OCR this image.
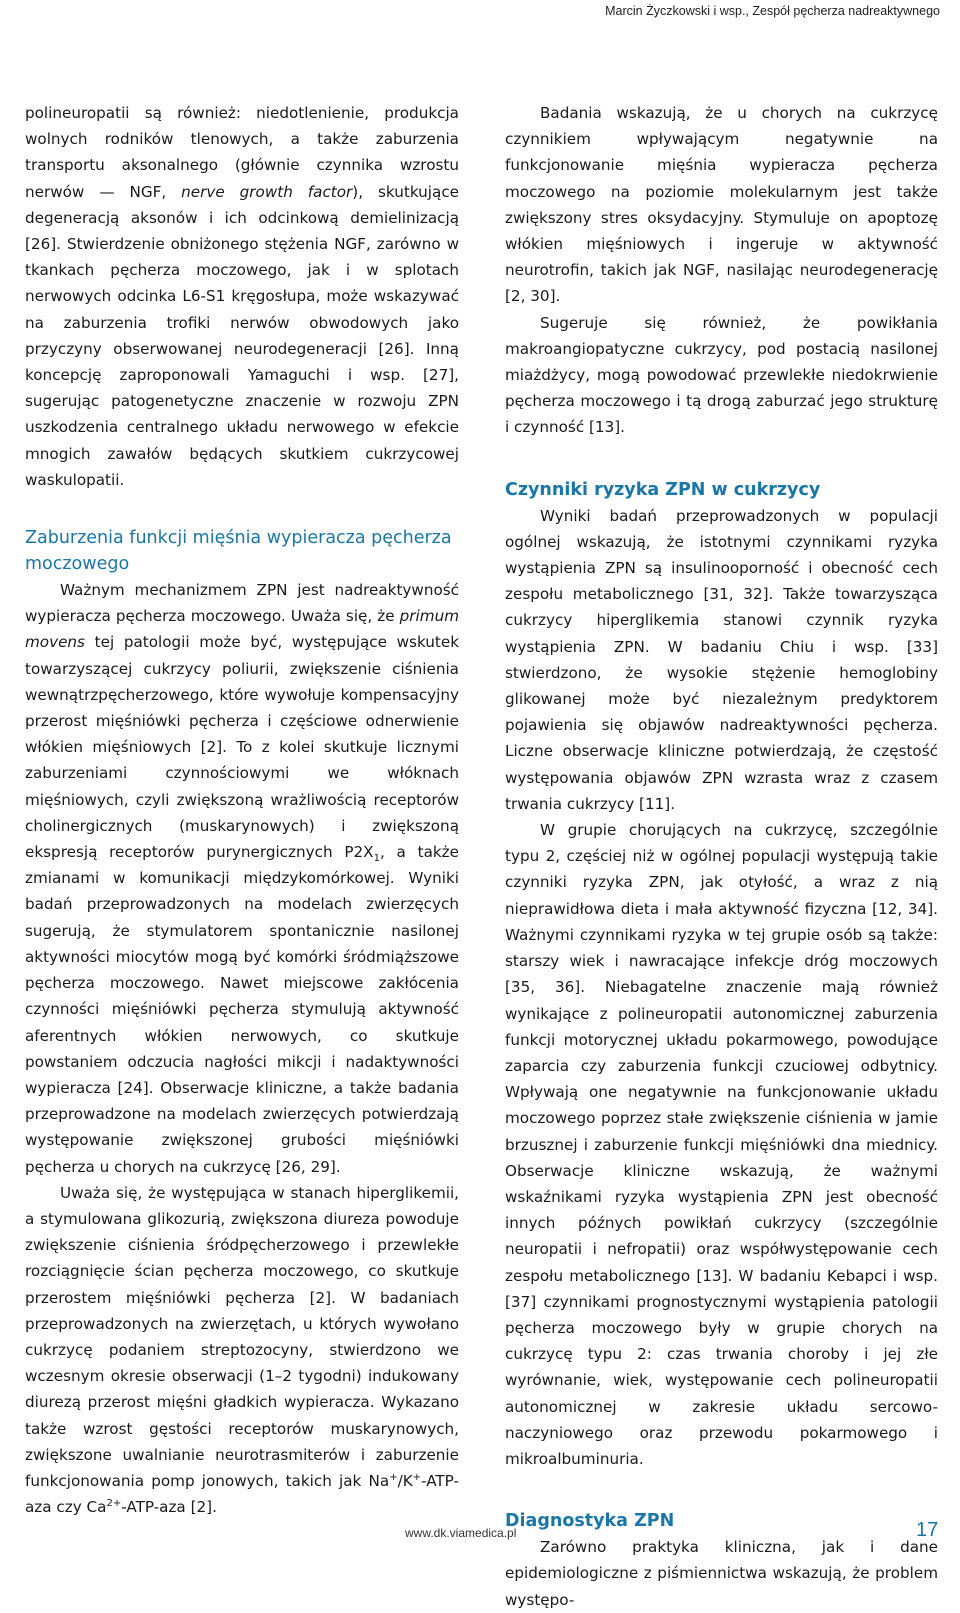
Marcin Życzkowski i wsp., Zespół pęcherza nadreaktywnego

polineuropatii są również: niedotlenienie, produkcja wolnych rodników tlenowych, a także zaburzenia transportu aksonalnego (głównie czynnika wzrostu nerwów — NGF, nerve growth factor), skutkujące degeneracją aksonów i ich odcinkową demielinizacją [26]. Stwierdzenie obniżonego stężenia NGF, zarówno w tkankach pęcherza moczowego, jak i w splotach nerwowych odcinka L6-S1 kręgosłupa, może wskazywać na zaburzenia trofiki nerwów obwodowych jako przyczyny obserwowanej neurodegeneracji [26]. Inną koncepcję zaproponowali Yamaguchi i wsp. [27], sugerując patogenetyczne znaczenie w rozwoju ZPN uszkodzenia centralnego układu nerwowego w efekcie mnogich zawałów będących skutkiem cukrzycowej waskulopatii.

Zaburzenia funkcji mięśnia wypieracza pęcherza moczowego

Ważnym mechanizmem ZPN jest nadreaktywność wypieracza pęcherza moczowego. Uważa się, że primum movens tej patologii może być, występujące wskutek towarzyszącej cukrzycy poliurii, zwiększenie ciśnienia wewnątrzpęcherzowego, które wywołuje kompensacyjny przerost mięśniówki pęcherza i częściowe odnerwienie włókien mięśniowych [2]. To z kolei skutkuje licznymi zaburzeniami czynnościowymi we włóknach mięśniowych, czyli zwiększoną wrażliwością receptorów cholinergicznych (muskarynowych) i zwiększoną ekspresją receptorów purynergicznych $P2X_1$, a także zmianami w komunikacji międzykomórkowej. Wyniki badań przeprowadzonych na modelach zwierzęcych sugerują, że stymulatorem spontanicznie nasilonej aktywności miocytów mogą być komórki śródmiąższowe pęcherza moczowego. Nawet miejscowe zakłócenia czynności mięśniówki pęcherza stymulują aktywność aferentnych włókien nerwowych, co skutkuje powstaniem odczucia nagłości mikcji i nadaktywności wypieracza [24]. Obserwacje kliniczne, a także badania przeprowadzone na modelach zwierzęcych potwierdzają występowanie zwiększonej grubości mięśniówki pęcherza u chorych na cukrzycę [26, 29].

Uważa się, że występująca w stanach hiperglikemii, a stymulowana glikozurią, zwiększona diureza powoduje zwiększenie ciśnienia śródpęcherzowego i przewlekłe rozciągnięcie ścian pęcherza moczowego, co skutkuje przerostem mięśniówki pęcherza [2]. W badaniach przeprowadzonych na zwierzętach, u których wywołano cukrzycę podaniem streptozocyny, stwierdzono we wczesnym okresie obserwacji (1–2 tygodni) indukowany diurezą przerost mięśni gładkich wypieracza. Wykazano także wzrost gęstości receptorów muskarynowych, zwiększone uwalnianie neurotrasmiterów i zaburzenie funkcjonowania pomp jonowych, takich jak Na+/K+-ATP-aza czy $Ca^{2+}-ATP$-aza [2].

Badania wskazują, że u chorych na cukrzycę czynnikiem wpływającym negatywnie na funkcjonowanie mięśnia wypieracza pęcherza moczowego na poziomie molekularnym jest także zwiększony stres oksydacyjny. Stymuluje on apoptozę włókien mięśniowych i ingeruje w aktywność neurotrofin, takich jak NGF, nasilając neurodegenerację [2, 30].

Sugeruje się również, że powikłania makroangiopatyczne cukrzycy, pod postacią nasilonej miażdżycy, mogą powodować przewlekłe niedokrwienie pęcherza moczowego i tą drogą zaburzać jego strukturę i czynność [13].

Czynniki ryzyka ZPN w cukrzycy

Wyniki badań przeprowadzonych w populacji ogólnej wskazują, że istotnymi czynnikami ryzyka wystąpienia ZPN są insulinooporność i obecność cech zespołu metabolicznego [31, 32]. Także towarzysząca cukrzycy hiperglikemia stanowi czynnik ryzyka wystąpienia ZPN. W badaniu Chiu i wsp. [33] stwierdzono, że wysokie stężenie hemoglobiny glikowanej może być niezależnym predyktorem pojawienia się objawów nadreaktywności pęcherza. Liczne obserwacje kliniczne potwierdzają, że częstość występowania objawów ZPN wzrasta wraz z czasem trwania cukrzycy [11].

W grupie chorujących na cukrzycę, szczególnie typu 2, częściej niż w ogólnej populacji występują takie czynniki ryzyka ZPN, jak otyłość, a wraz z nią nieprawidłowa dieta i mała aktywność fizyczna [12, 34]. Ważnymi czynnikami ryzyka w tej grupie osób są także: starszy wiek i nawracające infekcje dróg moczowych [35, 36]. Niebagatelne znaczenie mają również wynikające z polineuropatii autonomicznej zaburzenia funkcji motorycznej układu pokarmowego, powodujące zaparcia czy zaburzenia funkcji czuciowej odbytnicy. Wpływają one negatywnie na funkcjonowanie układu moczowego poprzez stałe zwiększenie ciśnienia w jamie brzusznej i zaburzenie funkcji mięśniówki dna miednicy. Obserwacje kliniczne wskazują, że ważnymi wskaźnikami ryzyka wystąpienia ZPN jest obecność innych późnych powikłań cukrzycy (szczególnie neuropatii i nefropatii) oraz współwystępowanie cech zespołu metabolicznego [13]. W badaniu Kebapci i wsp. [37] czynnikami prognostycznymi wystąpienia patologii pęcherza moczowego były w grupie chorych na cukrzycę typu 2: czas trwania choroby i jej złe wyrównanie, wiek, występowanie cech polineuropatii autonomicznej w zakresie układu sercowo-naczyniowego oraz przewodu pokarmowego i mikroalbuminuria.

Diagnostyka ZPN

Zarówno praktyka kliniczna, jak i dane epidemiologiczne z piśmiennictwa wskazują, że problem występo-

www.dk.viamedica.pl	17
